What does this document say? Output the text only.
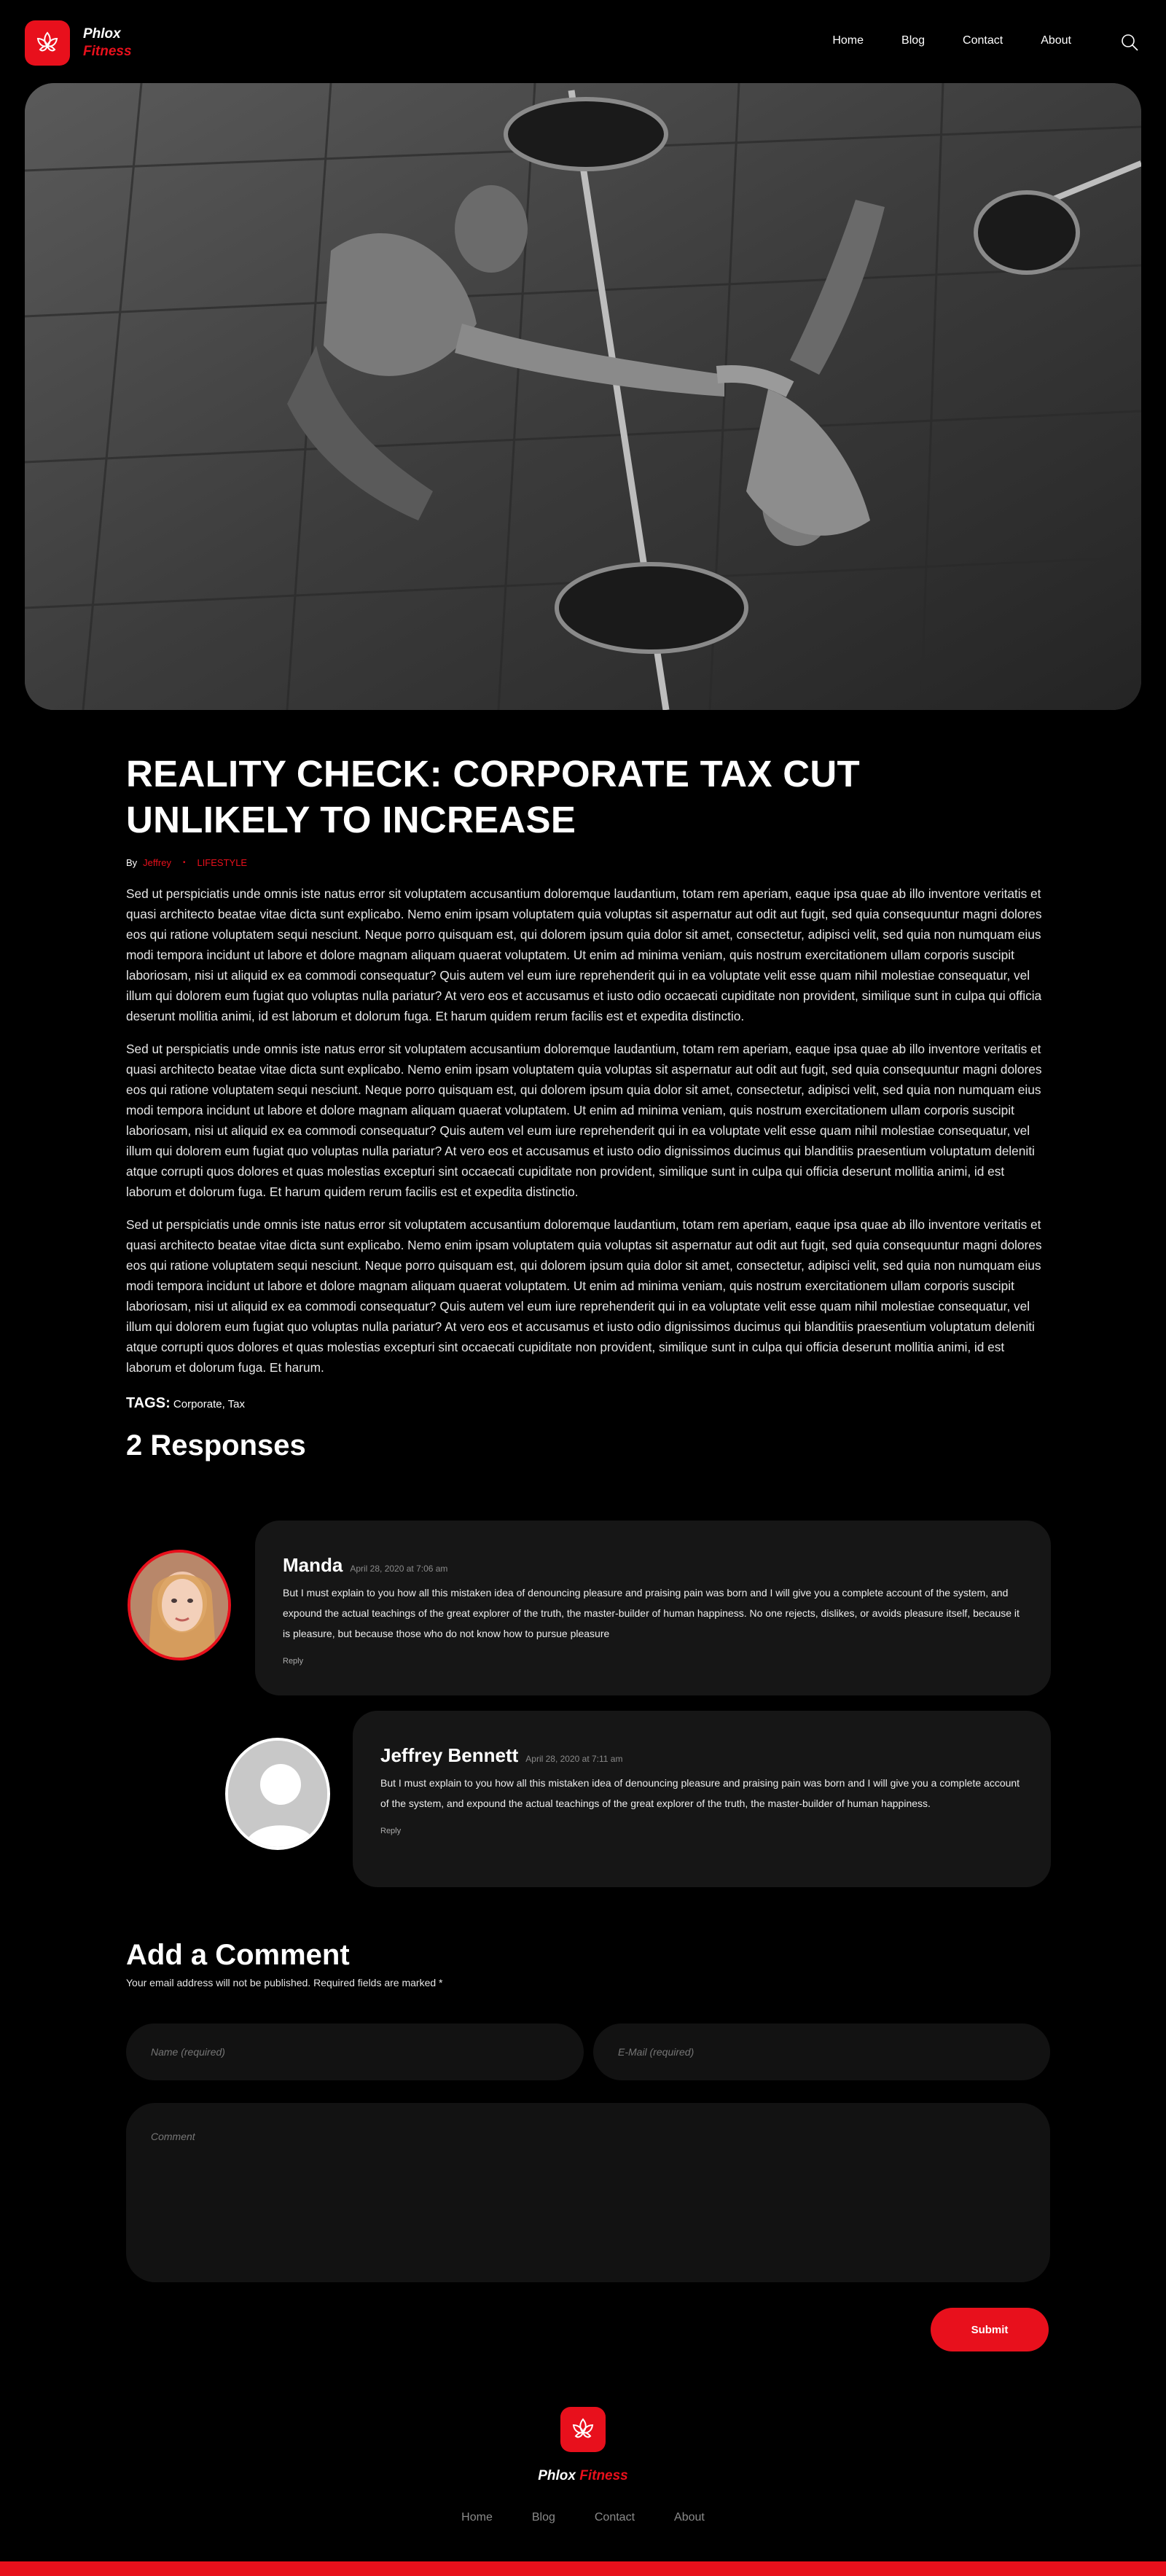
Phlox
Fitness
Home	Blog	Contact	About
REALITY CHECK: CORPORATE TAX CUT UNLIKELY TO INCREASE
By Jeffrey • LIFESTYLE

Sed ut perspiciatis unde omnis iste natus error sit voluptatem accusantium doloremque laudantium, totam rem aperiam, eaque ipsa quae ab illo inventore veritatis et quasi architecto beatae vitae dicta sunt explicabo. Nemo enim ipsam voluptatem quia voluptas sit aspernatur aut odit aut fugit, sed quia consequuntur magni dolores eos qui ratione voluptatem sequi nesciunt. Neque porro quisquam est, qui dolorem ipsum quia dolor sit amet, consectetur, adipisci velit, sed quia non numquam eius modi tempora incidunt ut labore et dolore magnam aliquam quaerat voluptatem. Ut enim ad minima veniam, quis nostrum exercitationem ullam corporis suscipit laboriosam, nisi ut aliquid ex ea commodi consequatur? Quis autem vel eum iure reprehenderit qui in ea voluptate velit esse quam nihil molestiae consequatur, vel illum qui dolorem eum fugiat quo voluptas nulla pariatur? At vero eos et accusamus et iusto odio occaecati cupiditate non provident, similique sunt in culpa qui officia deserunt mollitia animi, id est laborum et dolorum fuga. Et harum quidem rerum facilis est et expedita distinctio.

Sed ut perspiciatis unde omnis iste natus error sit voluptatem accusantium doloremque laudantium, totam rem aperiam, eaque ipsa quae ab illo inventore veritatis et quasi architecto beatae vitae dicta sunt explicabo. Nemo enim ipsam voluptatem quia voluptas sit aspernatur aut odit aut fugit, sed quia consequuntur magni dolores eos qui ratione voluptatem sequi nesciunt. Neque porro quisquam est, qui dolorem ipsum quia dolor sit amet, consectetur, adipisci velit, sed quia non numquam eius modi tempora incidunt ut labore et dolore magnam aliquam quaerat voluptatem. Ut enim ad minima veniam, quis nostrum exercitationem ullam corporis suscipit laboriosam, nisi ut aliquid ex ea commodi consequatur? Quis autem vel eum iure reprehenderit qui in ea voluptate velit esse quam nihil molestiae consequatur, vel illum qui dolorem eum fugiat quo voluptas nulla pariatur? At vero eos et accusamus et iusto odio dignissimos ducimus qui blanditiis praesentium voluptatum deleniti atque corrupti quos dolores et quas molestias excepturi sint occaecati cupiditate non provident, similique sunt in culpa qui officia deserunt mollitia animi, id est laborum et dolorum fuga. Et harum quidem rerum facilis est et expedita distinctio.

Sed ut perspiciatis unde omnis iste natus error sit voluptatem accusantium doloremque laudantium, totam rem aperiam, eaque ipsa quae ab illo inventore veritatis et quasi architecto beatae vitae dicta sunt explicabo. Nemo enim ipsam voluptatem quia voluptas sit aspernatur aut odit aut fugit, sed quia consequuntur magni dolores eos qui ratione voluptatem sequi nesciunt. Neque porro quisquam est, qui dolorem ipsum quia dolor sit amet, consectetur, adipisci velit, sed quia non numquam eius modi tempora incidunt ut labore et dolore magnam aliquam quaerat voluptatem. Ut enim ad minima veniam, quis nostrum exercitationem ullam corporis suscipit laboriosam, nisi ut aliquid ex ea commodi consequatur? Quis autem vel eum iure reprehenderit qui in ea voluptate velit esse quam nihil molestiae consequatur, vel illum qui dolorem eum fugiat quo voluptas nulla pariatur? At vero eos et accusamus et iusto odio dignissimos ducimus qui blanditiis praesentium voluptatum deleniti atque corrupti quos dolores et quas molestias excepturi sint occaecati cupiditate non provident, similique sunt in culpa qui officia deserunt mollitia animi, id est laborum et dolorum fuga. Et harum.

TAGS: Corporate, Tax
2 Responses
Manda April 28, 2020 at 7:06 am
But I must explain to you how all this mistaken idea of denouncing pleasure and praising pain was born and I will give you a complete account of the system, and expound the actual teachings of the great explorer of the truth, the master-builder of human happiness. No one rejects, dislikes, or avoids pleasure itself, because it is pleasure, but because those who do not know how to pursue pleasure
Reply
Jeffrey Bennett April 28, 2020 at 7:11 am
But I must explain to you how all this mistaken idea of denouncing pleasure and praising pain was born and I will give you a complete account of the system, and expound the actual teachings of the great explorer of the truth, the master-builder of human happiness.
Reply
Add a Comment
Your email address will not be published. Required fields are marked *
Name (required)
E-Mail (required)
Comment
Submit
Phlox Fitness
Home	Blog	Contact	About
